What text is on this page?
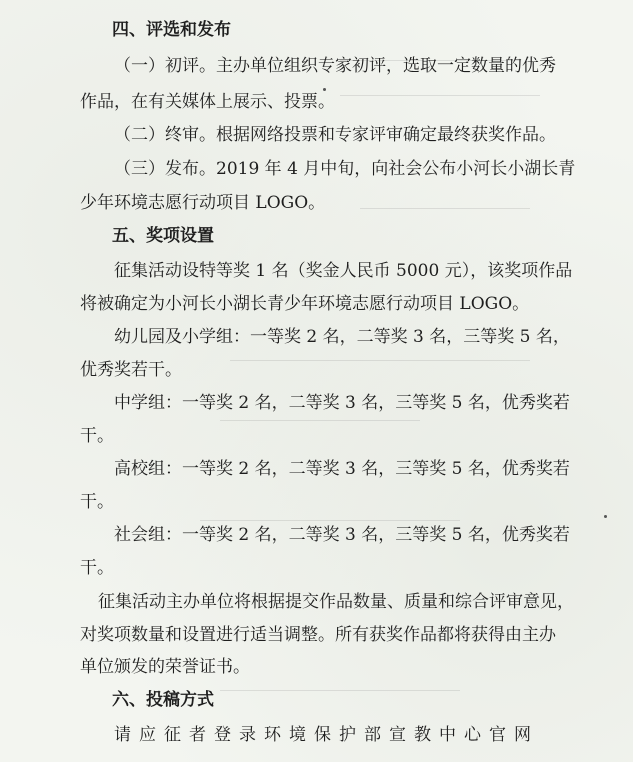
四、评选和发布
（一）初评。主办单位组织专家初评，选取一定数量的优秀
作品，在有关媒体上展示、投票。
（二）终审。根据网络投票和专家评审确定最终获奖作品。
（三）发布。2019 年 4 月中旬，向社会公布小河长小湖长青
少年环境志愿行动项目 LOGO。
五、奖项设置
征集活动设特等奖 1 名（奖金人民币 5000 元），该奖项作品
将被确定为小河长小湖长青少年环境志愿行动项目 LOGO。
幼儿园及小学组：一等奖 2 名，二等奖 3 名，三等奖 5 名，
优秀奖若干。
中学组：一等奖 2 名，二等奖 3 名，三等奖 5 名，优秀奖若
干。
高校组：一等奖 2 名，二等奖 3 名，三等奖 5 名，优秀奖若
干。
社会组：一等奖 2 名，二等奖 3 名，三等奖 5 名，优秀奖若
干。
征集活动主办单位将根据提交作品数量、质量和综合评审意见，
对奖项数量和设置进行适当调整。所有获奖作品都将获得由主办
单位颁发的荣誉证书。
六、投稿方式
请应征者登录环境保护部宣教中心官网
